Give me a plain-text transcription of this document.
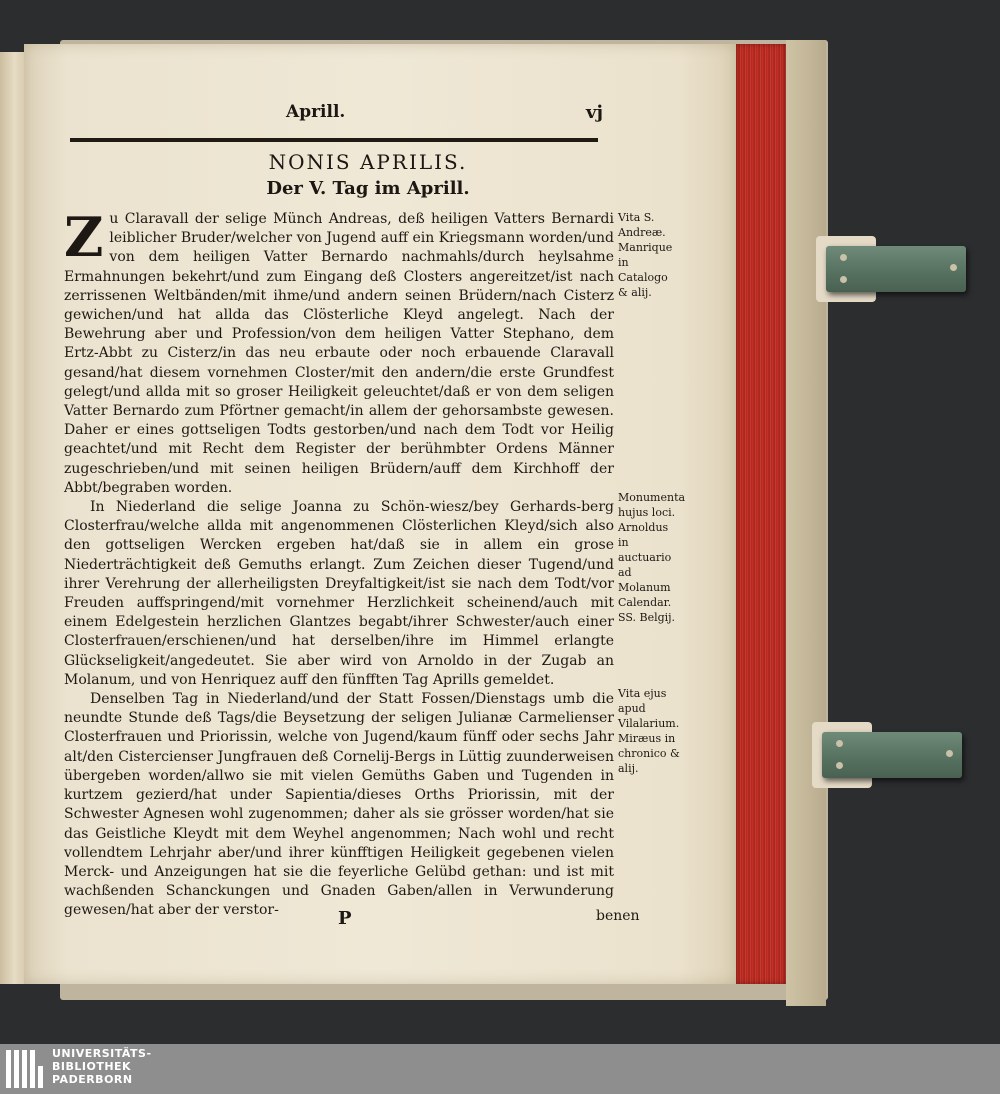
Aprill.	vj
NONIS APRILIS.
Der V. Tag im Aprill.

Zu Claravall der selige Münch Andreas, deß heiligen Vatters Bernardi leiblicher Bruder/welcher von Jugend auff ein Kriegsmann worden/und von dem heiligen Vatter Bernardo nachmahls/durch heylsahme Ermahnungen bekehrt/und zum Eingang deß Closters angereitzet/ist nach zerrissenen Weltbänden/mit ihme/und andern seinen Brüdern/nach Cisterz gewichen/und hat allda das Clösterliche Kleyd angelegt. Nach der Bewehrung aber und Profession/von dem heiligen Vatter Stephano, dem Ertz-Abbt zu Cisterz/in das neu erbaute oder noch erbauende Claravall gesand/hat diesem vornehmen Closter/mit den andern/die erste Grundfest gelegt/und allda mit so groser Heiligkeit geleuchtet/daß er von dem seligen Vatter Bernardo zum Pförtner gemacht/in allem der gehorsambste gewesen. Daher er eines gottseligen Todts gestorben/und nach dem Todt vor Heilig geachtet/und mit Recht dem Register der berühmbter Ordens Männer zugeschrieben/und mit seinen heiligen Brüdern/auff dem Kirchhoff der Abbt/begraben worden.

In Niederland die selige Joanna zu Schön-wiesz/bey Gerhards-berg Closterfrau/welche allda mit angenommenen Clösterlichen Kleyd/sich also den gottseligen Wercken ergeben hat/daß sie in allem ein grose Niederträchtigkeit deß Gemuths erlangt. Zum Zeichen dieser Tugend/und ihrer Verehrung der allerheiligsten Dreyfaltigkeit/ist sie nach dem Todt/vor Freuden auffspringend/mit vornehmer Herzlichkeit scheinend/auch mit einem Edelgestein herzlichen Glantzes begabt/ihrer Schwester/auch einer Closterfrauen/erschienen/und hat derselben/ihre im Himmel erlangte Glückseligkeit/angedeutet. Sie aber wird von Arnoldo in der Zugab an Molanum, und von Henriquez auff den fünfften Tag Aprills gemeldet.

Denselben Tag in Niederland/und der Statt Fossen/Dienstags umb die neundte Stunde deß Tags/die Beysetzung der seligen Julianæ Carmelienser Closterfrauen und Priorissin, welche von Jugend/kaum fünff oder sechs Jahr alt/den Cistercienser Jungfrauen deß Cornelij-Bergs in Lüttig zuunderweisen übergeben worden/allwo sie mit vielen Gemüths Gaben und Tugenden in kurtzem gezierd/hat under Sapientia/dieses Orths Priorissin, mit der Schwester Agnesen wohl zugenommen; daher als sie grösser worden/hat sie das Geistliche Kleydt mit dem Weyhel angenommen; Nach wohl und recht vollendtem Lehrjahr aber/und ihrer künfftigen Heiligkeit gegebenen vielen Merck- und Anzeigungen hat sie die feyerliche Gelübd gethan: und ist mit wachßenden Schanckungen und Gnaden Gaben/allen in Verwunderung gewesen/hat aber der verstor-

Vita S. Andreæ. Manrique in Catalogo & alij.
Monumenta hujus loci. Arnoldus in auctuario ad Molanum Calendar. SS. Belgij.
Vita ejus apud Vilalarium. Miræus in chronico & alij.
P	benen
UNIVERSITÄTS-
BIBLIOTHEK
PADERBORN
